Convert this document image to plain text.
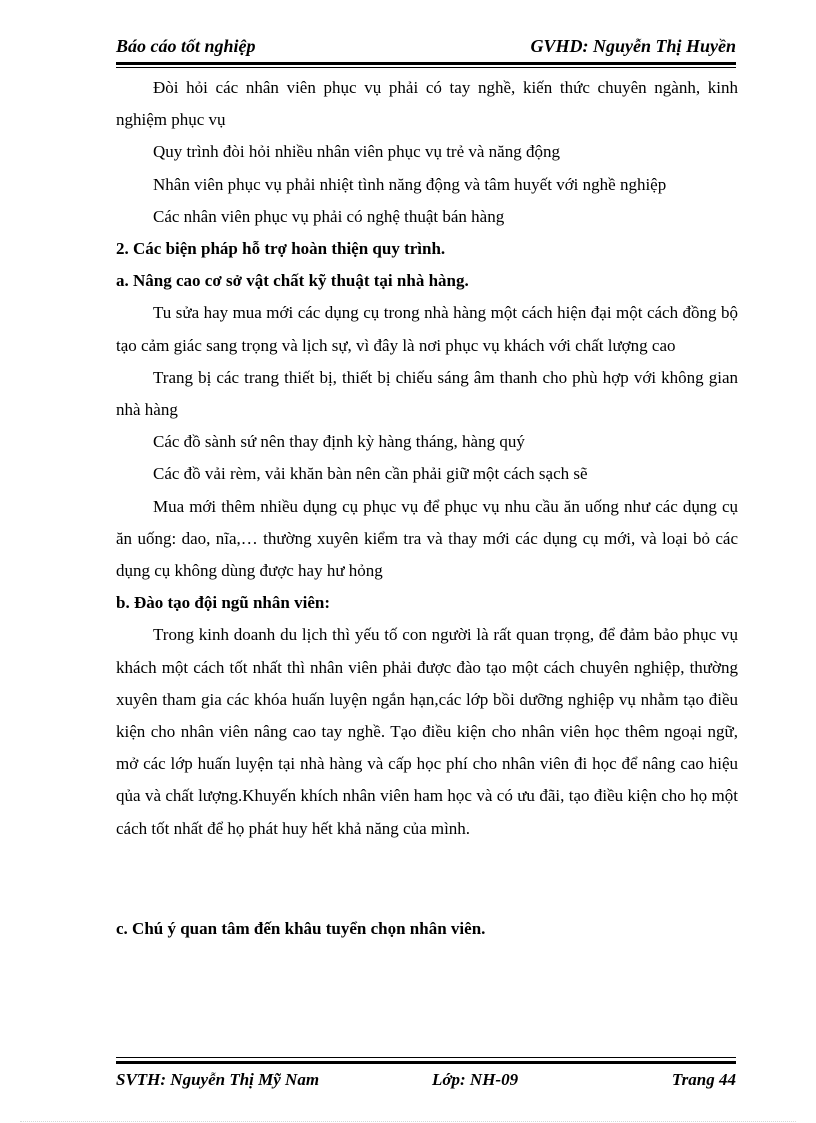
Báo cáo tốt nghiệp	GVHD: Nguyễn Thị Huyền

Đòi hỏi các nhân viên phục vụ phải có tay nghề, kiến thức chuyên ngành, kinh nghiệm phục vụ

Quy trình đòi hỏi nhiều nhân viên phục vụ trẻ và năng động

Nhân viên phục vụ phải nhiệt tình năng động và tâm huyết với nghề nghiệp

Các nhân viên phục vụ phải có nghệ thuật bán hàng

2. Các biện pháp hỗ trợ hoàn thiện quy trình.

a. Nâng cao cơ sở vật chất kỹ thuật tại nhà hàng.

Tu sửa hay mua mới các dụng cụ trong nhà hàng một cách hiện đại một cách đồng bộ tạo cảm giác sang trọng và lịch sự, vì đây là nơi phục vụ khách với chất lượng cao

Trang bị các trang thiết bị, thiết bị chiếu sáng âm thanh cho phù hợp với không gian nhà hàng

Các đồ sành sứ nên thay định kỳ hàng tháng, hàng quý

Các đồ vải rèm, vải khăn bàn nên cần phải giữ một cách sạch sẽ

Mua mới thêm nhiều dụng cụ phục vụ để phục vụ nhu cầu ăn uống như các dụng cụ ăn uống: dao, nĩa,… thường xuyên kiểm tra và thay mới các dụng cụ mới, và loại bỏ các dụng cụ không dùng được hay hư hỏng

b. Đào tạo đội ngũ nhân viên:

Trong kinh doanh du lịch thì yếu tố con người là rất quan trọng, để đảm bảo phục vụ khách một cách tốt nhất thì nhân viên phải được đào tạo một cách chuyên nghiệp, thường xuyên tham gia các khóa huấn luyện ngắn hạn,các lớp bồi dưỡng nghiệp vụ nhằm tạo điều kiện cho nhân viên nâng cao tay nghề. Tạo điều kiện cho nhân viên học thêm ngoại ngữ, mở các lớp huấn luyện tại nhà hàng và cấp học phí cho nhân viên đi học để nâng cao hiệu qủa và chất lượng.Khuyến khích nhân viên ham học và có ưu đãi, tạo điều kiện cho họ một cách tốt nhất để họ phát huy hết khả năng của mình.

c. Chú ý quan tâm đến khâu tuyển chọn nhân viên.

SVTH: Nguyễn Thị Mỹ Nam	Lớp: NH-09	Trang 44
